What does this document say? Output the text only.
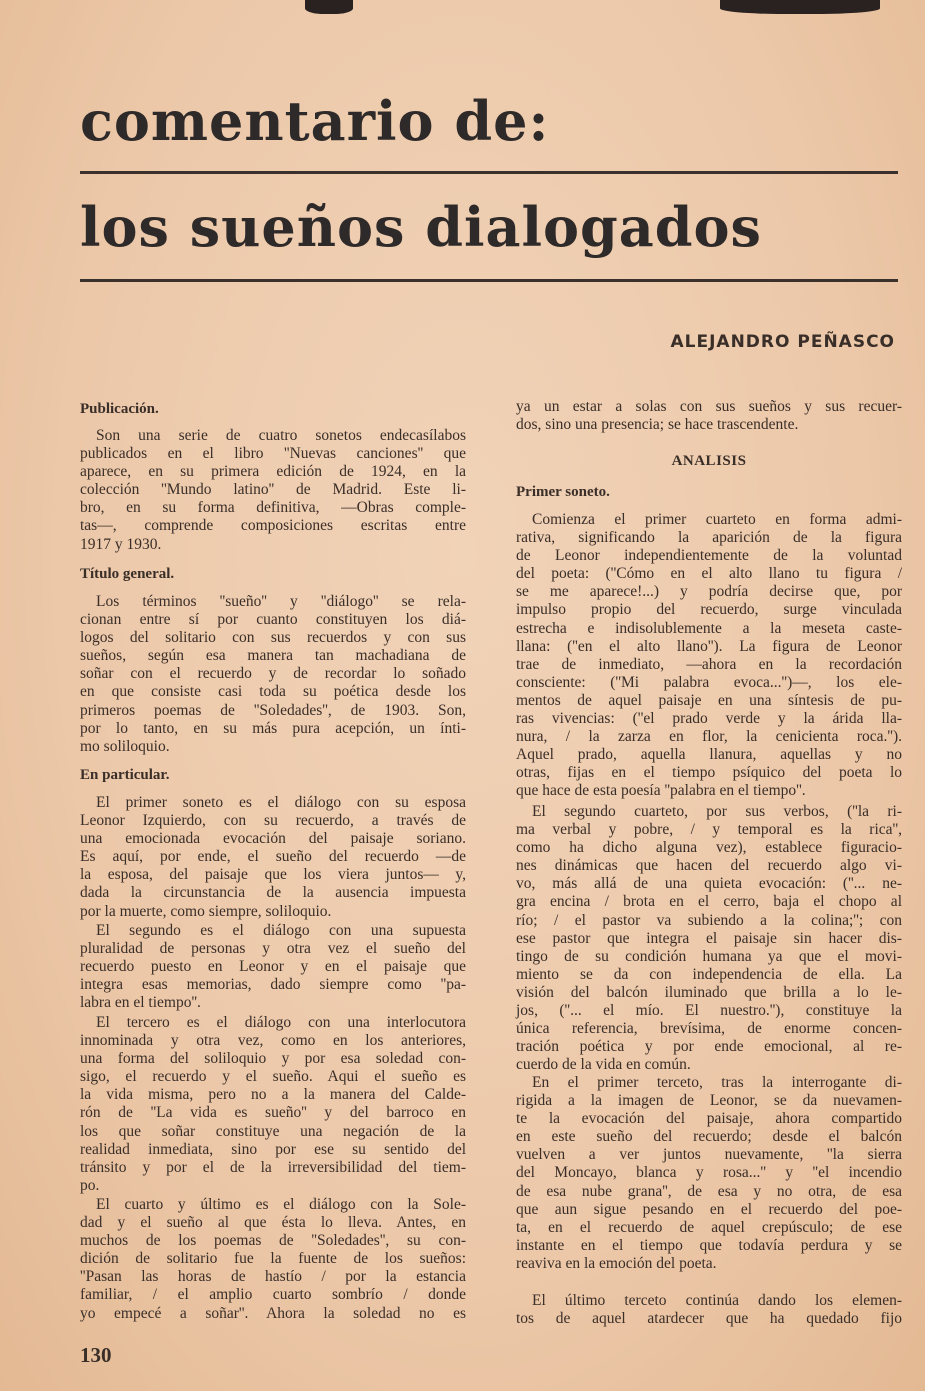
comentario de:
los sueños dialogados
ALEJANDRO PEÑASCO
Publicación.
Son una serie de cuatro sonetos endecasílabos
publicados en el libro ''Nuevas canciones'' que
aparece, en su primera edición de 1924, en la
colección ''Mundo latino'' de Madrid. Este li-
bro, en su forma definitiva, —Obras comple-
tas—, comprende composiciones escritas entre
1917 y 1930.
Título general.
Los términos ''sueño'' y ''diálogo'' se rela-
cionan entre sí por cuanto constituyen los diá-
logos del solitario con sus recuerdos y con sus
sueños, según esa manera tan machadiana de
soñar con el recuerdo y de recordar lo soñado
en que consiste casi toda su poética desde los
primeros poemas de ''Soledades'', de 1903. Son,
por lo tanto, en su más pura acepción, un ínti-
mo soliloquio.
En particular.
El primer soneto es el diálogo con su esposa
Leonor Izquierdo, con su recuerdo, a través de
una emocionada evocación del paisaje soriano.
Es aquí, por ende, el sueño del recuerdo —de
la esposa, del paisaje que los viera juntos— y,
dada la circunstancia de la ausencia impuesta
por la muerte, como siempre, soliloquio.
El segundo es el diálogo con una supuesta
pluralidad de personas y otra vez el sueño del
recuerdo puesto en Leonor y en el paisaje que
integra esas memorias, dado siempre como ''pa-
labra en el tiempo''.
El tercero es el diálogo con una interlocutora
innominada y otra vez, como en los anteriores,
una forma del soliloquio y por esa soledad con-
sigo, el recuerdo y el sueño. Aqui el sueño es
la vida misma, pero no a la manera del Calde-
rón de ''La vida es sueño'' y del barroco en
los que soñar constituye una negación de la
realidad inmediata, sino por ese su sentido del
tránsito y por el de la irreversibilidad del tiem-
po.
El cuarto y último es el diálogo con la Sole-
dad y el sueño al que ésta lo lleva. Antes, en
muchos de los poemas de ''Soledades'', su con-
dición de solitario fue la fuente de los sueños:
''Pasan las horas de hastío / por la estancia
familiar, / el amplio cuarto sombrío / donde
yo empecé a soñar''. Ahora la soledad no es
ya un estar a solas con sus sueños y sus recuer-
dos, sino una presencia; se hace trascendente.
ANALISIS
Primer soneto.
Comienza el primer cuarteto en forma admi-
rativa, significando la aparición de la figura
de Leonor independientemente de la voluntad
del poeta: (''Cómo en el alto llano tu figura /
se me aparece!...) y podría decirse que, por
impulso propio del recuerdo, surge vinculada
estrecha e indisolublemente a la meseta caste-
llana: (''en el alto llano''). La figura de Leonor
trae de inmediato, —ahora en la recordación
consciente: (''Mi palabra evoca...'')—, los ele-
mentos de aquel paisaje en una síntesis de pu-
ras vivencias: (''el prado verde y la árida lla-
nura, / la zarza en flor, la cenicienta roca.'').
Aquel prado, aquella llanura, aquellas y no
otras, fijas en el tiempo psíquico del poeta lo
que hace de esta poesía ''palabra en el tiempo''.
El segundo cuarteto, por sus verbos, (''la ri-
ma verbal y pobre, / y temporal es la rica'',
como ha dicho alguna vez), establece figuracio-
nes dinámicas que hacen del recuerdo algo vi-
vo, más allá de una quieta evocación: (''... ne-
gra encina / brota en el cerro, baja el chopo al
río; / el pastor va subiendo a la colina;''; con
ese pastor que integra el paisaje sin hacer dis-
tingo de su condición humana ya que el movi-
miento se da con independencia de ella. La
visión del balcón iluminado que brilla a lo le-
jos, (''... el mío. El nuestro.''), constituye la
única referencia, brevísima, de enorme concen-
tración poética y por ende emocional, al re-
cuerdo de la vida en común.
En el primer terceto, tras la interrogante di-
rigida a la imagen de Leonor, se da nuevamen-
te la evocación del paisaje, ahora compartido
en este sueño del recuerdo; desde el balcón
vuelven a ver juntos nuevamente, ''la sierra
del Moncayo, blanca y rosa...'' y ''el incendio
de esa nube grana'', de esa y no otra, de esa
que aun sigue pesando en el recuerdo del poe-
ta, en el recuerdo de aquel crepúsculo; de ese
instante en el tiempo que todavía perdura y se
reaviva en la emoción del poeta.
El último terceto continúa dando los elemen-
tos de aquel atardecer que ha quedado fijo
130
